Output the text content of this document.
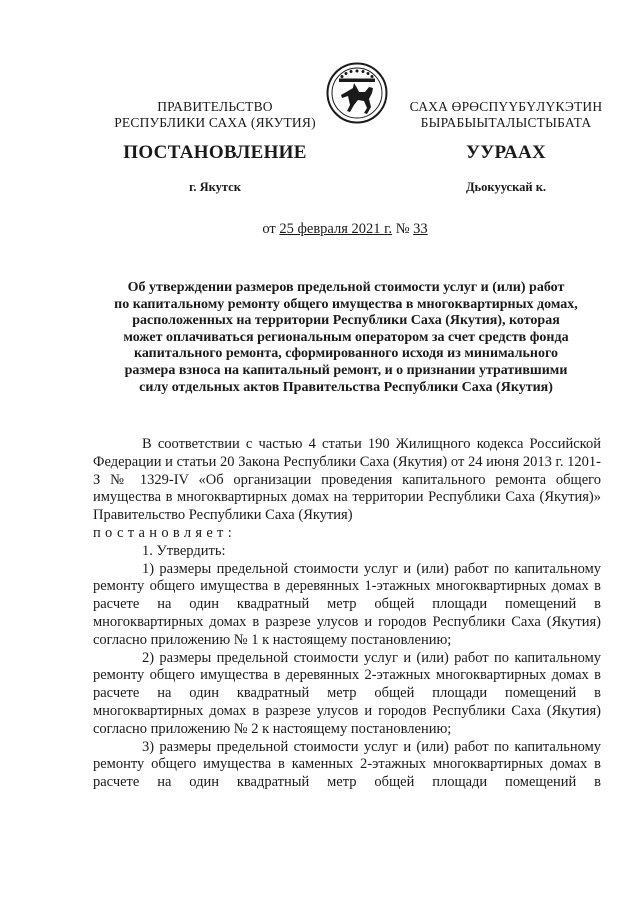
ПРАВИТЕЛЬСТВО
РЕСПУБЛИКИ САХА (ЯКУТИЯ)
САХА ӨРӨСПҮҮБҮЛҮКЭТИН
БЫРАБЫЫТАЛЫСТЫБАТА
ПОСТАНОВЛЕНИЕ	УУРААХ
г. Якутск	Дьокуускай к.
от 25 февраля 2021 г. № 33
Об утверждении размеров предельной стоимости услуг и (или) работ
по капитальному ремонту общего имущества в многоквартирных домах,
расположенных на территории Республики Саха (Якутия), которая
может оплачиваться региональным оператором за счет средств фонда
капитального ремонта, сформированного исходя из минимального
размера взноса на капитальный ремонт, и о признании утратившими
силу отдельных актов Правительства Республики Саха (Якутия)

В соответствии с частью 4 статьи 190 Жилищного кодекса Российской Федерации и статьи 20 Закона Республики Саха (Якутия) от 24 июня 2013 г. 1201-З № 1329-IV «Об организации проведения капитального ремонта общего имущества в многоквартирных домах на территории Республики Саха (Якутия)» Правительство Республики Саха (Якутия)

постановляет:

1. Утвердить:

1) размеры предельной стоимости услуг и (или) работ по капитальному ремонту общего имущества в деревянных 1-этажных многоквартирных домах в расчете на один квадратный метр общей площади помещений в многоквартирных домах в разрезе улусов и городов Республики Саха (Якутия) согласно приложению № 1 к настоящему постановлению;

2) размеры предельной стоимости услуг и (или) работ по капитальному ремонту общего имущества в деревянных 2-этажных многоквартирных домах в расчете на один квадратный метр общей площади помещений в многоквартирных домах в разрезе улусов и городов Республики Саха (Якутия) согласно приложению № 2 к настоящему постановлению;

3) размеры предельной стоимости услуг и (или) работ по капитальному ремонту общего имущества в каменных 2-этажных многоквартирных домах в расчете на один квадратный метр общей площади помещений в
